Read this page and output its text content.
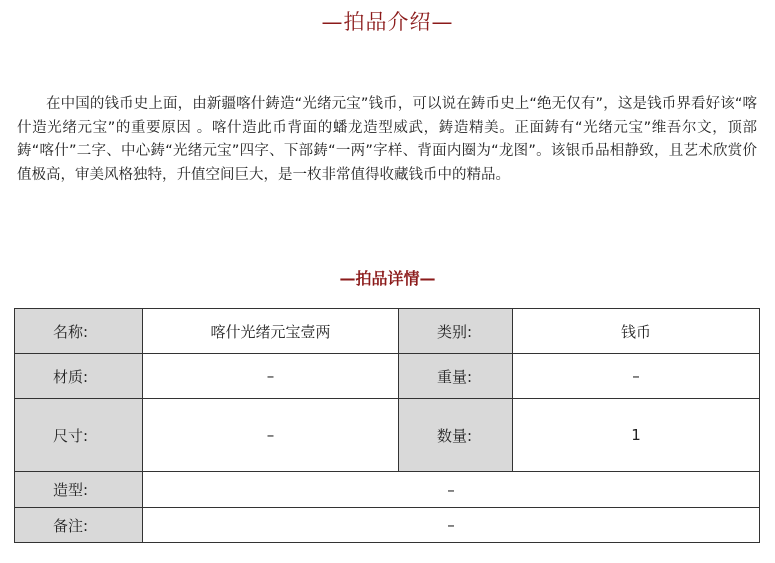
—拍品介绍—

在中国的钱币史上面，由新疆喀什鋳造“光绪元宝”钱币，可以说在鋳币史上“绝无仅有”，这是钱币界看好该“喀什造光绪元宝”的重要原因 。喀什造此币背面的蟠龙造型威武，鋳造精美。正面鋳有“光绪元宝”维吾尔文，顶部鋳“喀什”二字、中心鋳“光绪元宝”四字、下部鋳“一两”字样、背面内圈为“龙图”。该银币品相静致，且艺术欣赏价值极高，审美风格独特，升值空间巨大，是一枚非常值得收藏钱币中的精品。

—拍品详情—
名称:	喀什光绪元宝壹两	类别:	钱币
材质:	–	重量:	–
尺寸:	–	数量:	1
造型:	–		
备注:	–		
